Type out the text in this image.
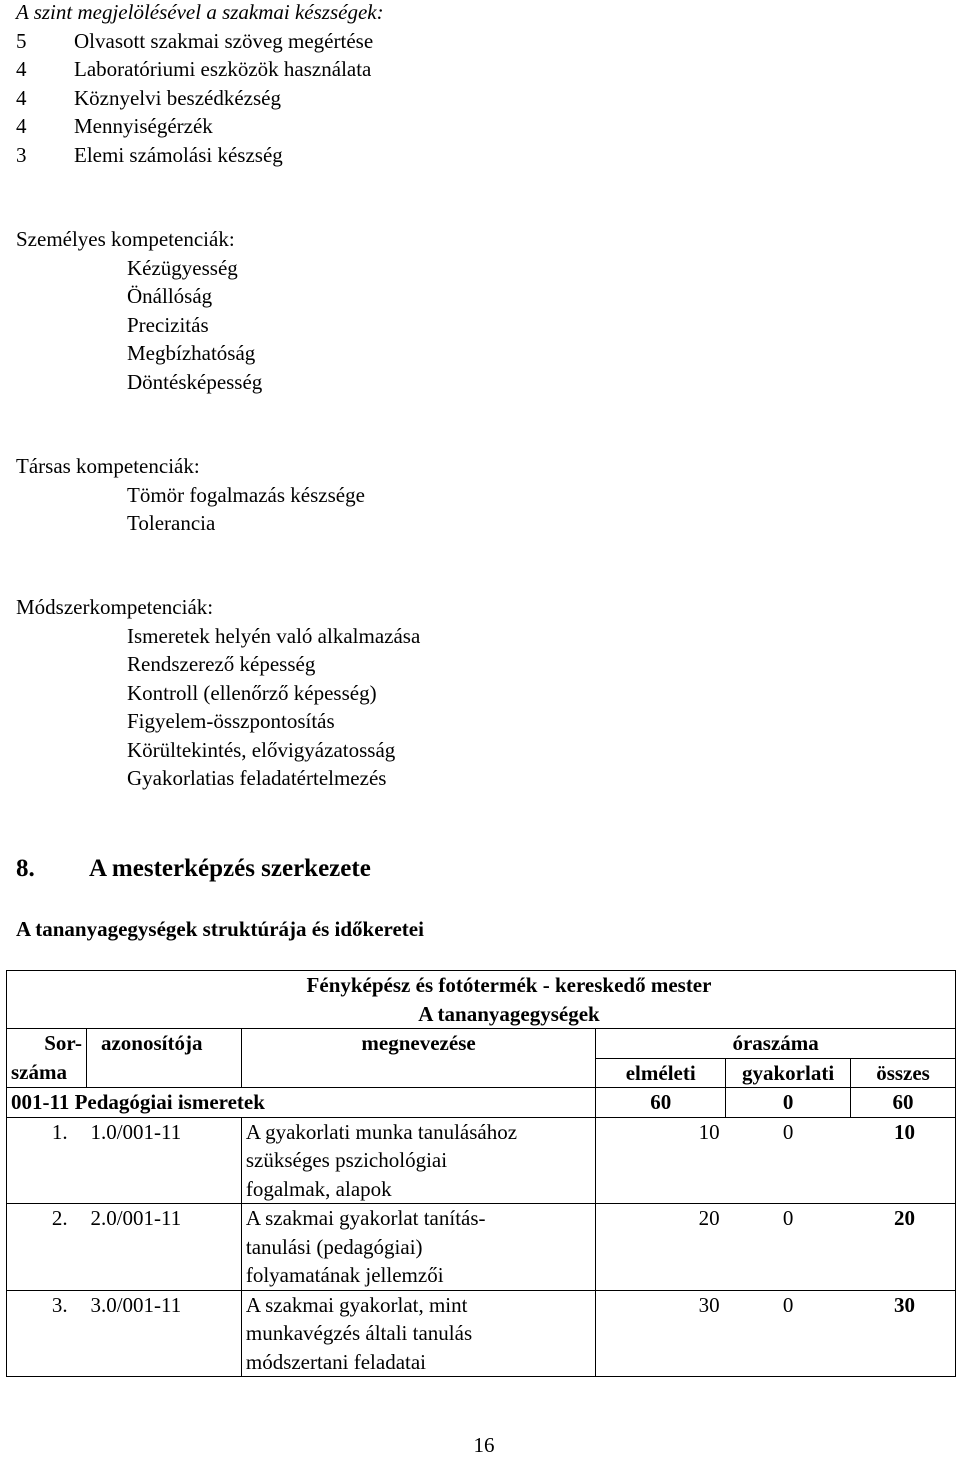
A szint megjelölésével a szakmai készségek:
5	Olvasott szakmai szöveg megértése
4	Laboratóriumi eszközök használata
4	Köznyelvi beszédkézség
4	Mennyiségérzék
3	Elemi számolási készség
Személyes kompetenciák:
Kézügyesség
Önállóság
Precizitás
Megbízhatóság
Döntésképesség
Társas kompetenciák:
Tömör fogalmazás készsége
Tolerancia
Módszerkompetenciák:
Ismeretek helyén való alkalmazása
Rendszerező képesség
Kontroll (ellenőrző képesség)
Figyelem-összpontosítás
Körültekintés, elővigyázatosság
Gyakorlatias feladatértelmezés
8. A mesterképzés szerkezete
A tananyagegységek struktúrája és időkeretei
Fényképész és fotótermék - kereskedő mester					
A tananyagegységek					
Sor-	azonosítója	megnevezése	óraszáma		
száma			elméleti	gyakorlati	összes
001-11 Pedagógiai ismeretek			60	0	60
1.	1.0/001-11	A gyakorlati munka tanulásához
szükséges pszichológiai
fogalmak, alapok	10	0	10
2.	2.0/001-11	A szakmai gyakorlat tanítás-
tanulási (pedagógiai)
folyamatának jellemzői	20	0	20
3.	3.0/001-11	A szakmai gyakorlat, mint
munkavégzés általi tanulás
módszertani feladatai	30	0	30
16
